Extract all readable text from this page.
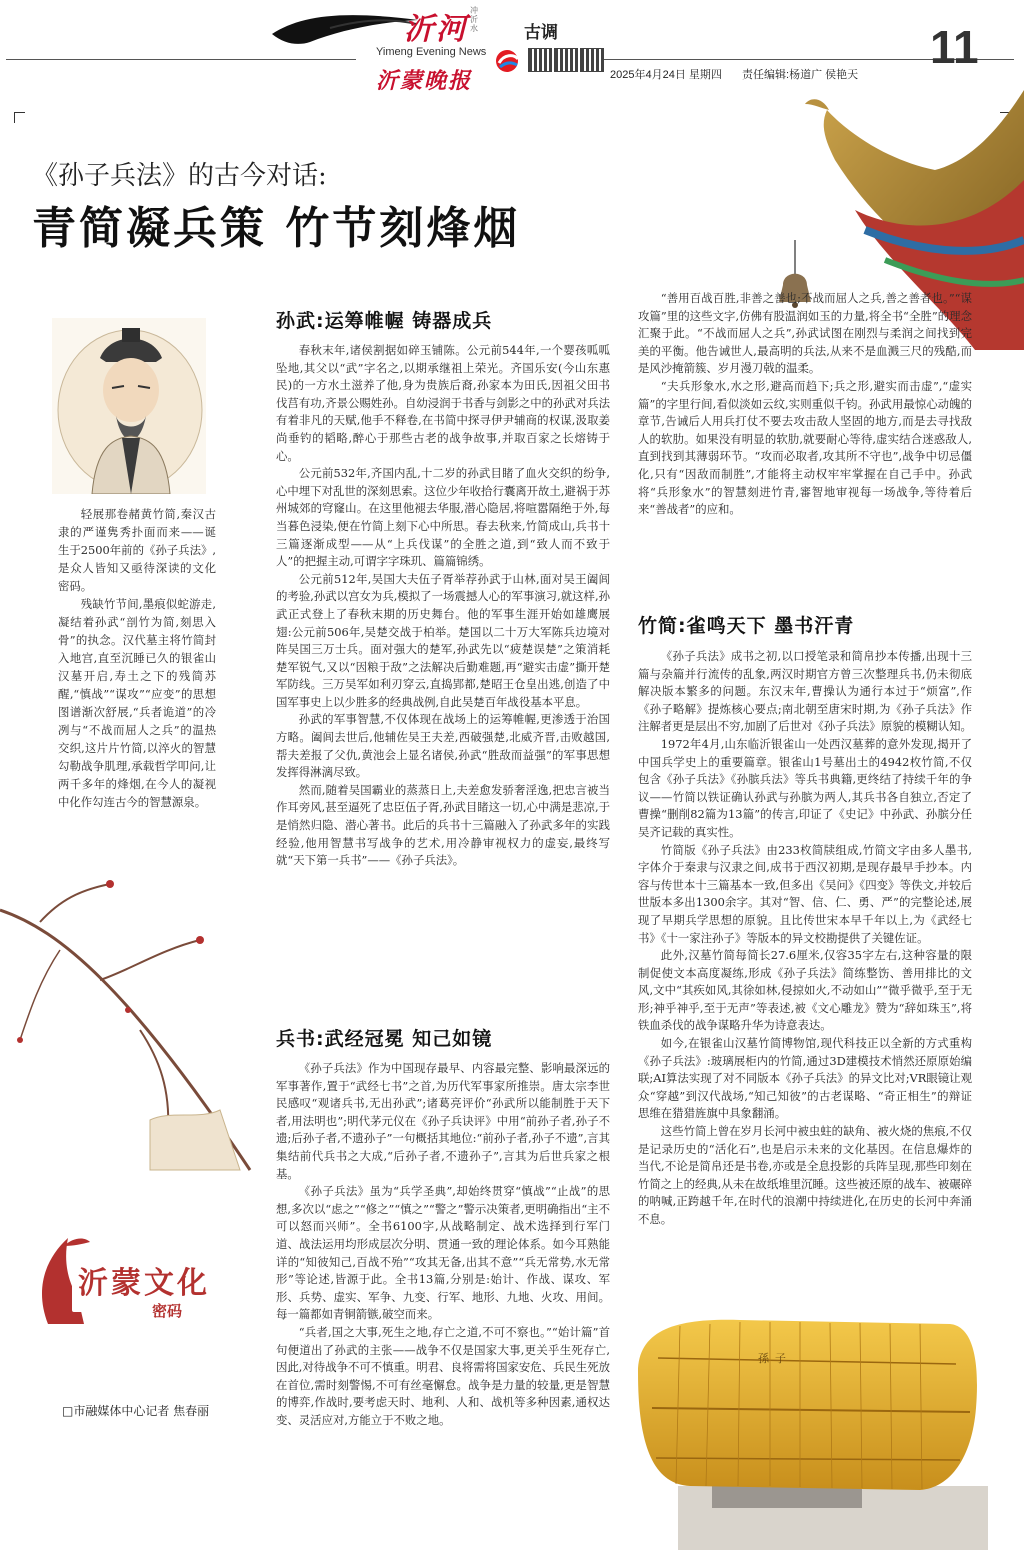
沂河
冲沂水
Yimeng Evening News
沂蒙晚报
古调
2025年4月24日 星期四 责任编辑:杨道广 侯艳天
11
《孙子兵法》的古今对话:
青简凝兵策 竹节刻烽烟

轻展那卷赭黄竹简,秦汉古隶的严谨隽秀扑面而来——诞生于2500年前的《孙子兵法》,是众人皆知又亟待深读的文化密码。

残缺竹节间,墨痕似蛇游走,凝结着孙武“剖竹为简,刻思入骨”的执念。汉代墓主将竹简封入地宫,直至沉睡已久的银雀山汉墓开启,寿土之下的残简苏醒,“慎战”“谋攻”“应变”的思想图谱渐次舒展,“兵者诡道”的冷冽与“不战而屈人之兵”的温热交织,这片片竹简,以淬火的智慧勾勒战争肌理,承载哲学叩问,让两千多年的烽烟,在今人的凝视中化作勾连古今的智慧源泉。

沂蒙文化
密码
□市融媒体中心记者 焦春丽
孙武:运筹帷幄 铸器成兵

春秋末年,诸侯割据如碎玉铺陈。公元前544年,一个婴孩呱呱坠地,其父以“武”字名之,以期承继祖上荣光。齐国乐安(今山东惠民)的一方水土滋养了他,身为贵族后裔,孙家本为田氏,因祖父田书伐莒有功,齐景公赐姓孙。自幼浸润于书香与剑影之中的孙武对兵法有着非凡的天赋,他手不释卷,在书简中探寻伊尹辅商的权谋,汲取姜尚垂钓的韬略,醉心于那些古老的战争故事,并取百家之长熔铸于心。

公元前532年,齐国内乱,十二岁的孙武目睹了血火交织的纷争,心中埋下对乱世的深刻思索。这位少年收拾行囊离开故土,避祸于苏州城郊的穹窿山。在这里他褪去华服,潜心隐居,将喧嚣隔绝于外,每当暮色浸染,便在竹简上刻下心中所思。春去秋来,竹简成山,兵书十三篇逐渐成型——从“上兵伐谋”的全胜之道,到“致人而不致于人”的把握主动,可谓字字珠玑、篇篇锦绣。

公元前512年,吴国大夫伍子胥举荐孙武于山林,面对吴王阖闾的考验,孙武以宫女为兵,模拟了一场震撼人心的军事演习,就这样,孙武正式登上了春秋末期的历史舞台。他的军事生涯开始如雄鹰展翅:公元前506年,吴楚交战于柏举。楚国以二十万大军陈兵边境对阵吴国三万士兵。面对强大的楚军,孙武先以“疲楚误楚”之策消耗楚军锐气,又以“因粮于敌”之法解决后勤难题,再“避实击虚”撕开楚军防线。三万吴军如利刃穿云,直捣郢都,楚昭王仓皇出逃,创造了中国军事史上以少胜多的经典战例,自此吴楚百年战役基本平息。

孙武的军事智慧,不仅体现在战场上的运筹帷幄,更渗透于治国方略。阖闾去世后,他辅佐吴王夫差,西破强楚,北威齐晋,击败越国,帮夫差报了父仇,黄池会上显名诸侯,孙武“胜敌而益强”的军事思想发挥得淋漓尽致。

然而,随着吴国霸业的蒸蒸日上,夫差愈发骄奢淫逸,把忠言被当作耳旁风,甚至逼死了忠臣伍子胥,孙武目睹这一切,心中满是悲凉,于是悄然归隐、潜心著书。此后的兵书十三篇融入了孙武多年的实践经验,他用智慧书写战争的艺术,用冷静审视权力的虚妄,最终写就“天下第一兵书”——《孙子兵法》。

兵书:武经冠冕 知己如镜

《孙子兵法》作为中国现存最早、内容最完整、影响最深远的军事著作,置于“武经七书”之首,为历代军事家所推崇。唐太宗李世民感叹“观诸兵书,无出孙武”;诸葛亮评价“孙武所以能制胜于天下者,用法明也”;明代茅元仪在《孙子兵诀评》中用“前孙子者,孙子不遗;后孙子者,不遗孙子”一句概括其地位:“前孙子者,孙子不遗”,言其集结前代兵书之大成,“后孙子者,不遗孙子”,言其为后世兵家之根基。

《孙子兵法》虽为“兵学圣典”,却始终贯穿“慎战”“止战”的思想,多次以“虑之”“修之”“慎之”“警之”警示决策者,更明确指出“主不可以怒而兴师”。全书6100字,从战略制定、战术选择到行军门道、战法运用均形成层次分明、贯通一致的理论体系。如今耳熟能详的“知彼知己,百战不殆”“攻其无备,出其不意”“兵无常势,水无常形”等论述,皆源于此。全书13篇,分别是:始计、作战、谋攻、军形、兵势、虚实、军争、九变、行军、地形、九地、火攻、用间。每一篇都如青铜箭镞,破空而来。

“兵者,国之大事,死生之地,存亡之道,不可不察也。”“始计篇”首句便道出了孙武的主张——战争不仅是国家大事,更关乎生死存亡,因此,对待战争不可不慎重。明君、良将需将国家安危、兵民生死放在首位,需时刻警惕,不可有丝毫懈怠。战争是力量的较量,更是智慧的博弈,作战时,要考虑天时、地利、人和、战机等多种因素,通权达变、灵活应对,方能立于不败之地。

“善用百战百胜,非善之善也;不战而屈人之兵,善之善者也。”“谋攻篇”里的这些文字,仿佛有股温润如玉的力量,将全书“全胜”的理念汇聚于此。“不战而屈人之兵”,孙武试图在刚烈与柔润之间找到完美的平衡。他告诫世人,最高明的兵法,从来不是血溅三尺的残酷,而是风沙掩箭簇、岁月漫刀戟的温柔。

“夫兵形象水,水之形,避高而趋下;兵之形,避实而击虚”,“虚实篇”的字里行间,看似淡如云纹,实则重似千钧。孙武用最惊心动魄的章节,告诫后人用兵打仗不要去攻击敌人坚固的地方,而是去寻找敌人的软肋。如果没有明显的软肋,就要耐心等待,虚实结合迷惑敌人,直到找到其薄弱环节。“攻而必取者,攻其所不守也”,战争中切忌僵化,只有“因敌而制胜”,才能将主动权牢牢掌握在自己手中。孙武将“兵形象水”的智慧刻进竹青,審智地审视每一场战争,等待着后来“善战者”的应和。

竹简:雀鸣天下 墨书汗青

《孙子兵法》成书之初,以口授笔录和简帛抄本传播,出现十三篇与杂篇并行流传的乱象,两汉时期官方曾三次整理兵书,仍未彻底解决版本繁多的问题。东汉末年,曹操认为通行本过于“烦富”,作《孙子略解》提炼核心要点;南北朝至唐宋时期,为《孙子兵法》作注解者更是层出不穷,加剧了后世对《孙子兵法》原貌的模糊认知。

1972年4月,山东临沂银雀山一处西汉墓葬的意外发现,揭开了中国兵学史上的重要篇章。银雀山1号墓出土的4942枚竹简,不仅包含《孙子兵法》《孙膑兵法》等兵书典籍,更终结了持续千年的争议——竹简以铁证确认孙武与孙膑为两人,其兵书各自独立,否定了曹操“删削82篇为13篇”的传言,印证了《史记》中孙武、孙膑分任吴齐记载的真实性。

竹简版《孙子兵法》由233枚简牍组成,竹简文字由多人墨书,字体介于秦隶与汉隶之间,成书于西汉初期,是现存最早手抄本。内容与传世本十三篇基本一致,但多出《吴问》《四变》等佚文,并较后世版本多出1300余字。其对“智、信、仁、勇、严”的完整论述,展现了早期兵学思想的原貌。且比传世宋本早千年以上,为《武经七书》《十一家注孙子》等版本的异文校勘提供了关键佐证。

此外,汉墓竹简每简长27.6厘米,仅容35字左右,这种容量的限制促使文本高度凝练,形成《孙子兵法》简练整饬、善用排比的文风,文中“其疾如风,其徐如林,侵掠如火,不动如山”“微乎微乎,至于无形;神乎神乎,至于无声”等表述,被《文心雕龙》赞为“辞如珠玉”,将铁血杀伐的战争谋略升华为诗意表达。

如今,在银雀山汉墓竹简博物馆,现代科技正以全新的方式重构《孙子兵法》:玻璃展柜内的竹简,通过3D建模技术悄然还原原始编联;AI算法实现了对不同版本《孙子兵法》的异文比对;VR眼镜让观众“穿越”到汉代战场,“知己知彼”的古老谋略、“奇正相生”的辩证思维在猎猎旌旗中具象翻涌。

这些竹简上曾在岁月长河中被虫蛀的缺角、被火烧的焦痕,不仅是记录历史的“活化石”,也是启示未来的文化基因。在信息爆炸的当代,不论是简帛还是书卷,亦或是全息投影的兵阵呈现,那些印刻在竹简之上的经典,从未在故纸堆里沉睡。这些被还原的战车、被碾碎的呐喊,正跨越千年,在时代的浪潮中持续进化,在历史的长河中奔涌不息。

孫子
